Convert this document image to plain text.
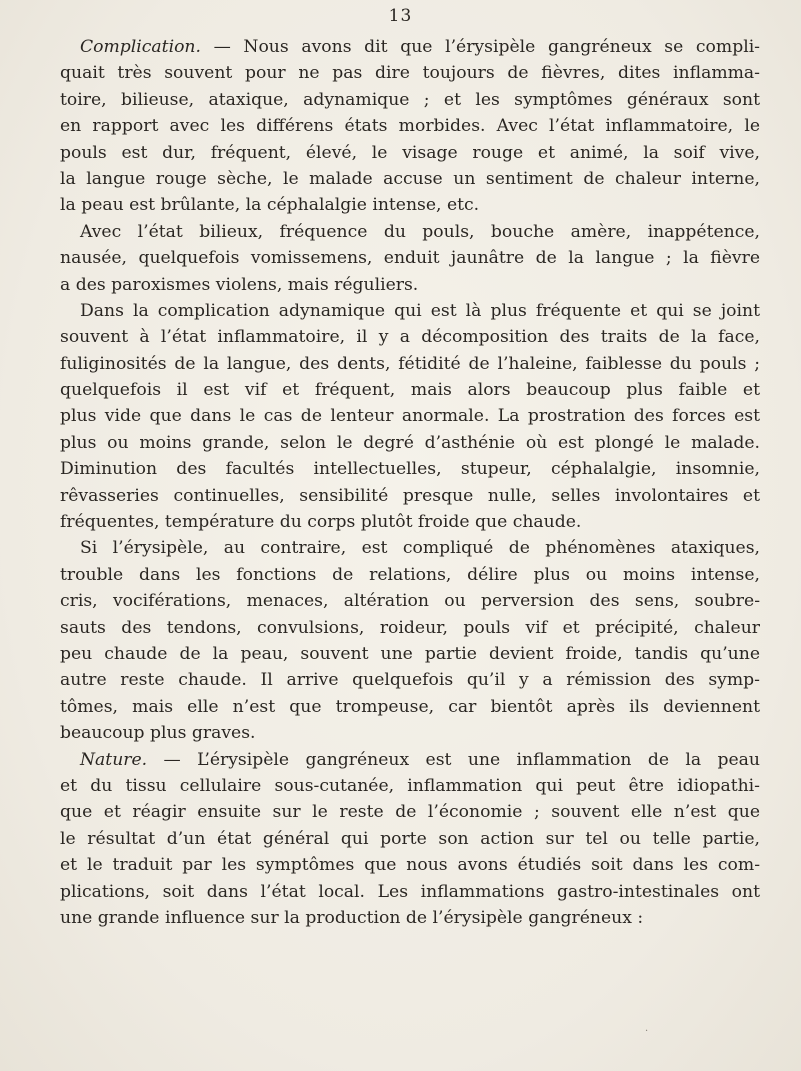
13
Complication. — Nous avons dit que l’érysipèle gangréneux se compli-
quait très souvent pour ne pas dire toujours de fièvres, dites inflamma-
toire, bilieuse, ataxique, adynamique ; et les symptômes généraux sont
en rapport avec les différens états morbides. Avec l’état inflammatoire, le
pouls est dur, fréquent, élevé, le visage rouge et animé, la soif vive,
la langue rouge sèche, le malade accuse un sentiment de chaleur interne,
la peau est brûlante, la céphalalgie intense, etc.
Avec l’état bilieux, fréquence du pouls, bouche amère, inappétence,
nausée, quelquefois vomissemens, enduit jaunâtre de la langue ; la fièvre
a des paroxismes violens, mais réguliers.
Dans la complication adynamique qui est là plus fréquente et qui se joint
souvent à l’état inflammatoire, il y a décomposition des traits de la face,
fuliginosités de la langue, des dents, fétidité de l’haleine, faiblesse du pouls ;
quelquefois il est vif et fréquent, mais alors beaucoup plus faible et
plus vide que dans le cas de lenteur anormale. La prostration des forces est
plus ou moins grande, selon le degré d’asthénie où est plongé le malade.
Diminution des facultés intellectuelles, stupeur, céphalalgie, insomnie,
rêvasseries continuelles, sensibilité presque nulle, selles involontaires et
fréquentes, température du corps plutôt froide que chaude.
Si l’érysipèle, au contraire, est compliqué de phénomènes ataxiques,
trouble dans les fonctions de relations, délire plus ou moins intense,
cris, vociférations, menaces, altération ou perversion des sens, soubre-
sauts des tendons, convulsions, roideur, pouls vif et précipité, chaleur
peu chaude de la peau, souvent une partie devient froide, tandis qu’une
autre reste chaude. Il arrive quelquefois qu’il y a rémission des symp-
tômes, mais elle n’est que trompeuse, car bientôt après ils deviennent
beaucoup plus graves.
Nature. — L’érysipèle gangréneux est une inflammation de la peau
et du tissu cellulaire sous-cutanée, inflammation qui peut être idiopathi-
que et réagir ensuite sur le reste de l’économie ; souvent elle n’est que
le résultat d’un état général qui porte son action sur tel ou telle partie,
et le traduit par les symptômes que nous avons étudiés soit dans les com-
plications, soit dans l’état local. Les inflammations gastro-intestinales ont
une grande influence sur la production de l’érysipèle gangréneux :
·
